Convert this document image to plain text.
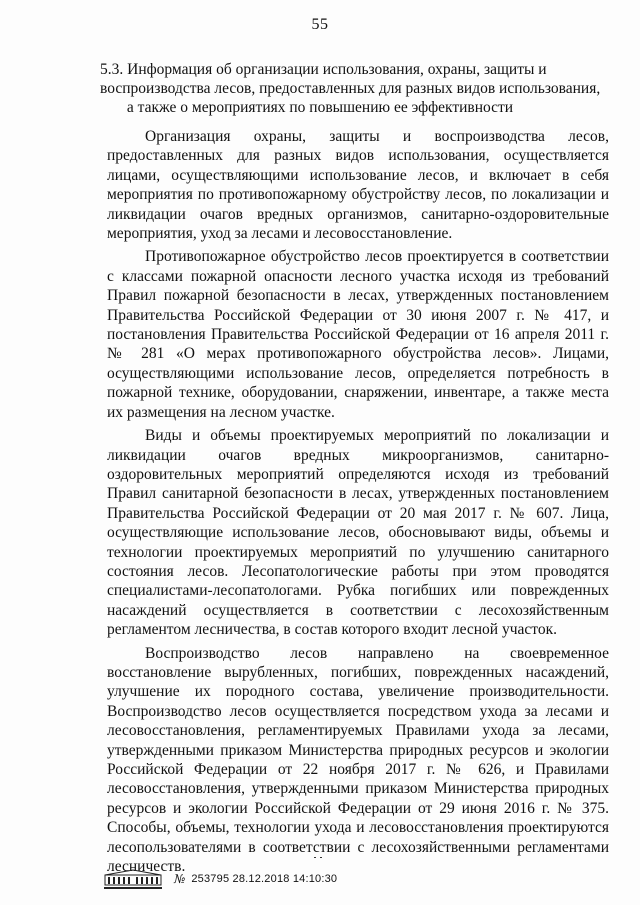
55
5.3. Информация об организации использования, охраны, защиты и
воспроизводства лесов, предоставленных для разных видов использования,
а также о мероприятиях по повышению ее эффективности

Организация охраны, защиты и воспроизводства лесов, предоставленных для разных видов использования, осуществляется лицами, осуществляющими использование лесов, и включает в себя мероприятия по противопожарному обустройству лесов, по локализации и ликвидации очагов вредных организмов, санитарно-оздоровительные мероприятия, уход за лесами и лесовосстановление.

Противопожарное обустройство лесов проектируется в соответствии с классами пожарной опасности лесного участка исходя из требований Правил пожарной безопасности в лесах, утвержденных постановлением Правительства Российской Федерации от 30 июня 2007 г. № 417, и постановления Правительства Российской Федерации от 16 апреля 2011 г. № 281 «О мерах противопожарного обустройства лесов». Лицами, осуществляющими использование лесов, определяется потребность в пожарной технике, оборудовании, снаряжении, инвентаре, а также места их размещения на лесном участке.

Виды и объемы проектируемых мероприятий по локализации и ликвидации очагов вредных микроорганизмов, санитарно-оздоровительных мероприятий определяются исходя из требований Правил санитарной безопасности в лесах, утвержденных постановлением Правительства Российской Федерации от 20 мая 2017 г. № 607. Лица, осуществляющие использование лесов, обосновывают виды, объемы и технологии проектируемых мероприятий по улучшению санитарного состояния лесов. Лесопатологические работы при этом проводятся специалистами-лесопатологами. Рубка погибших или поврежденных насаждений осуществляется в соответствии с лесохозяйственным регламентом лесничества, в состав которого входит лесной участок.

Воспроизводство лесов направлено на своевременное восстановление вырубленных, погибших, поврежденных насаждений, улучшение их породного состава, увеличение производительности. Воспроизводство лесов осуществляется посредством ухода за лесами и лесовосстановления, регламентируемых Правилами ухода за лесами, утвержденными приказом Министерства природных ресурсов и экологии Российской Федерации от 22 ноября 2017 г. № 626, и Правилами лесовосстановления, утвержденными приказом Министерства природных ресурсов и экологии Российской Федерации от 29 июня 2016 г. № 375. Способы, объемы, технологии ухода и лесовосстановления проектируются лесопользователями в соответствии с лесохозяйственными регламентами лесничеств.

№ 253795 28.12.2018 14:10:30
